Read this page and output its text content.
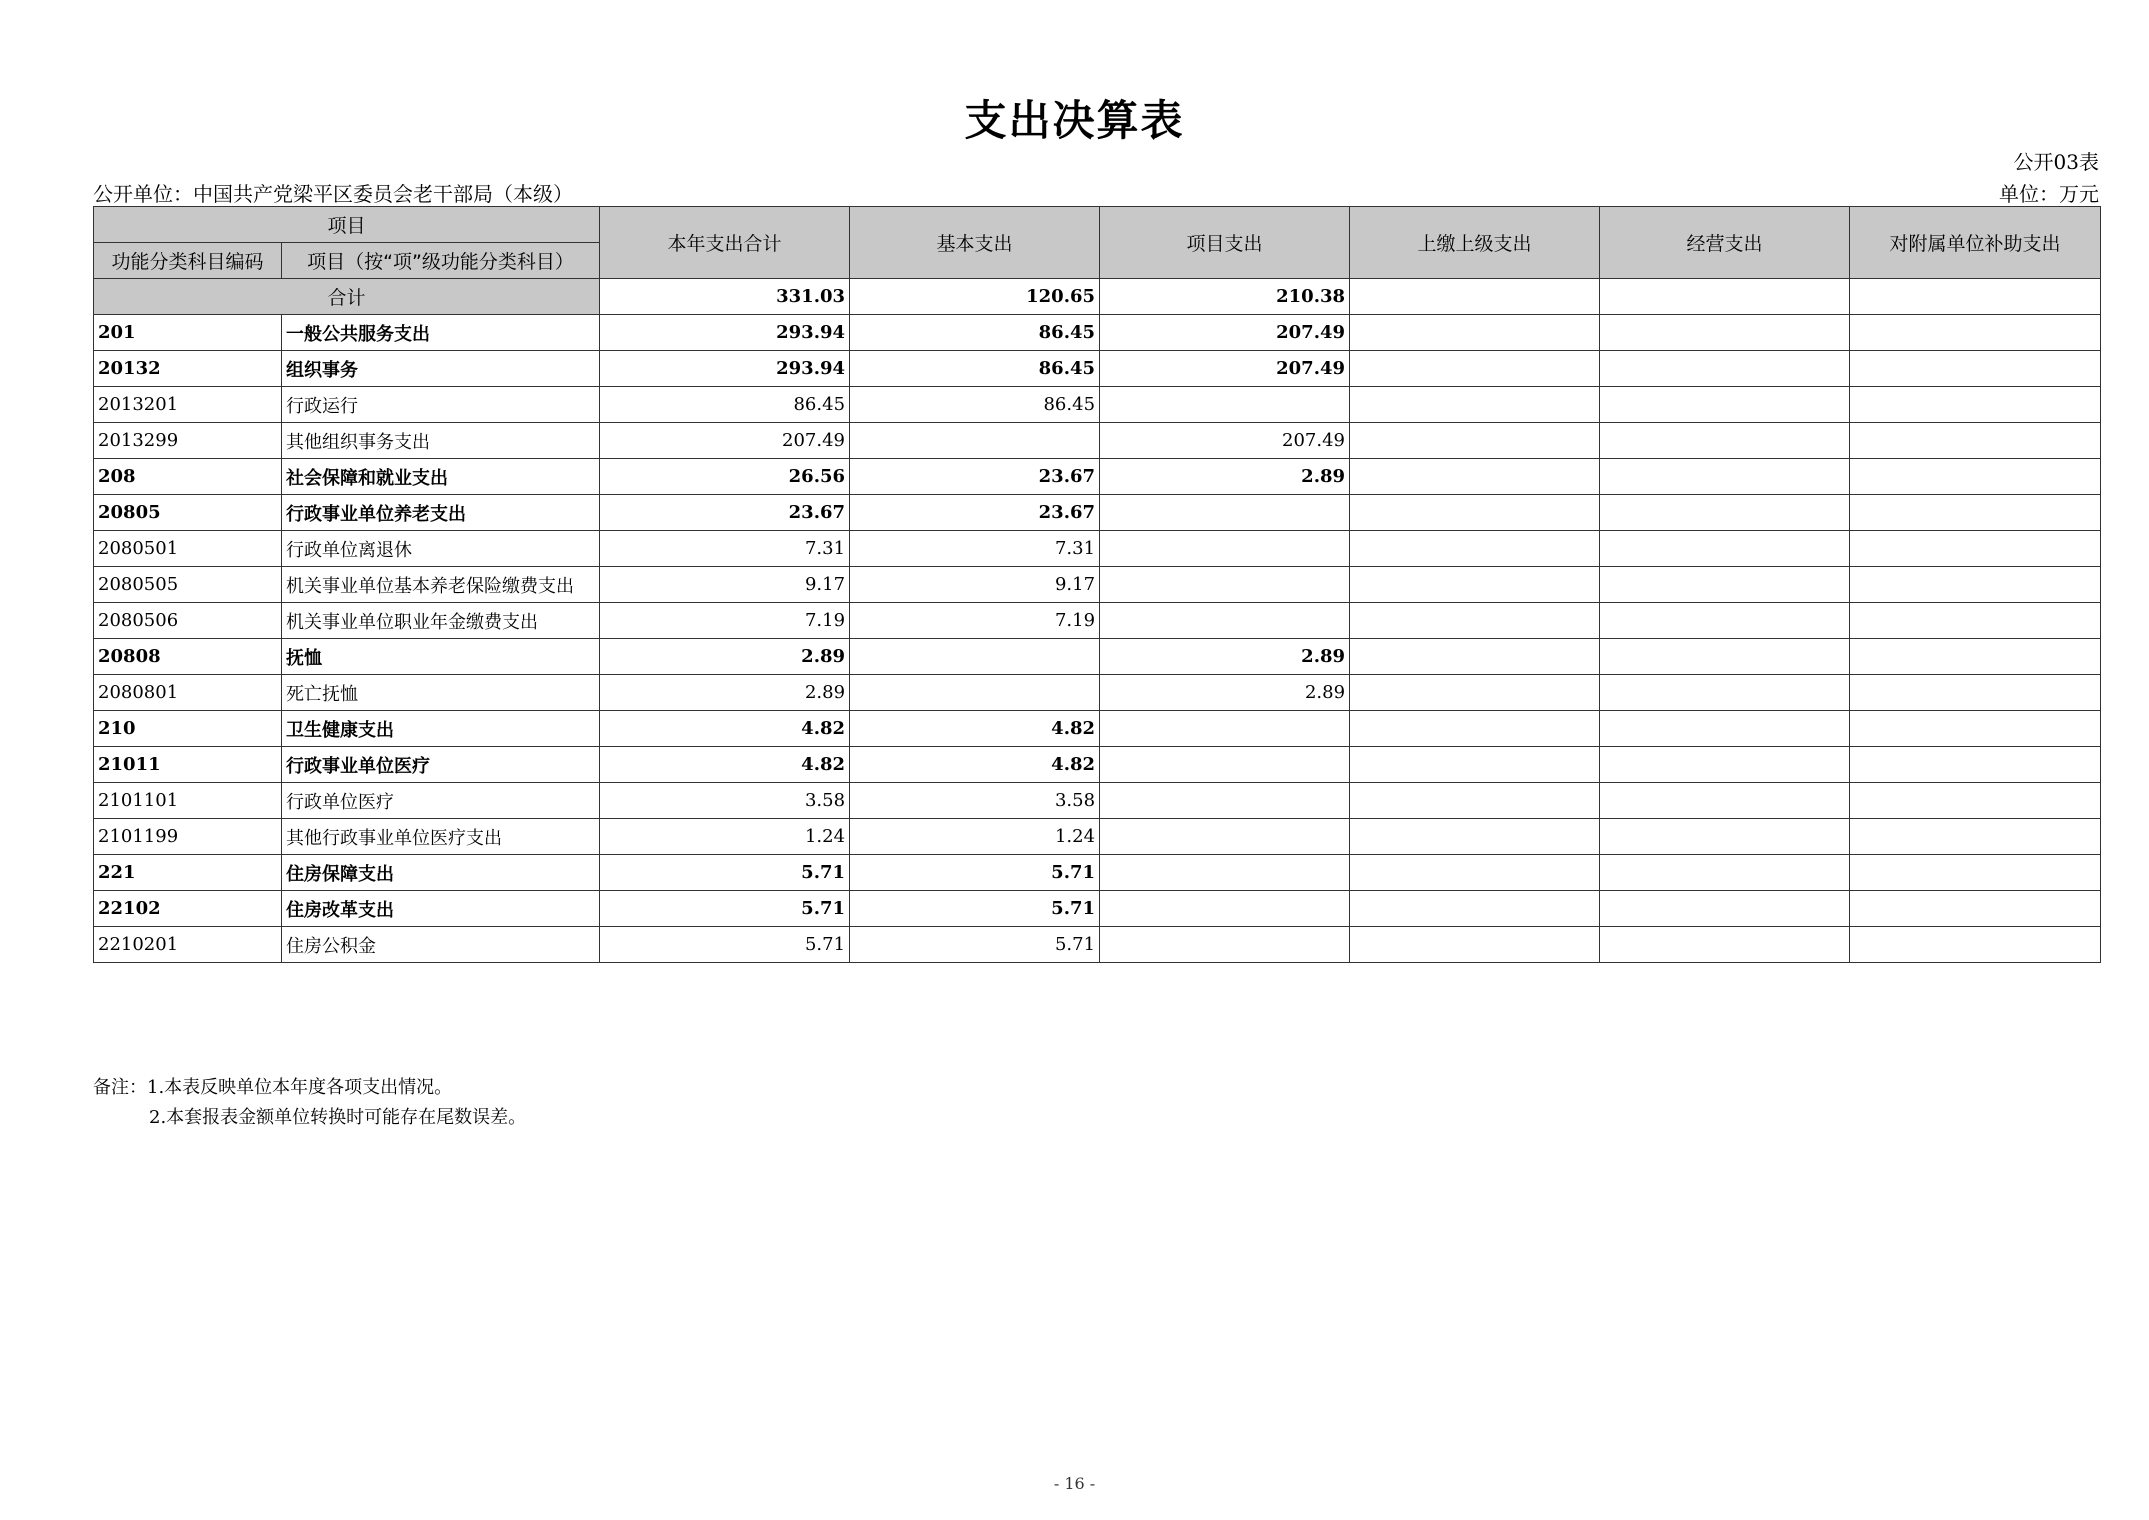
支出决算表
公开03表
公开单位：中国共产党梁平区委员会老干部局（本级）	单位：万元
项目		本年支出合计	基本支出	项目支出	上缴上级支出	经营支出	对附属单位补助支出
功能分类科目编码	项目（按“项”级功能分类科目）						
合计		331.03	120.65	210.38			
201	一般公共服务支出	293.94	86.45	207.49			
20132	组织事务	293.94	86.45	207.49			
2013201	行政运行	86.45	86.45				
2013299	其他组织事务支出	207.49		207.49			
208	社会保障和就业支出	26.56	23.67	2.89			
20805	行政事业单位养老支出	23.67	23.67				
2080501	行政单位离退休	7.31	7.31				
2080505	机关事业单位基本养老保险缴费支出	9.17	9.17				
2080506	机关事业单位职业年金缴费支出	7.19	7.19				
20808	抚恤	2.89		2.89			
2080801	死亡抚恤	2.89		2.89			
210	卫生健康支出	4.82	4.82				
21011	行政事业单位医疗	4.82	4.82				
2101101	行政单位医疗	3.58	3.58				
2101199	其他行政事业单位医疗支出	1.24	1.24				
221	住房保障支出	5.71	5.71				
22102	住房改革支出	5.71	5.71				
2210201	住房公积金	5.71	5.71				
备注：1.本表反映单位本年度各项支出情况。
2.本套报表金额单位转换时可能存在尾数误差。
- 16 -
